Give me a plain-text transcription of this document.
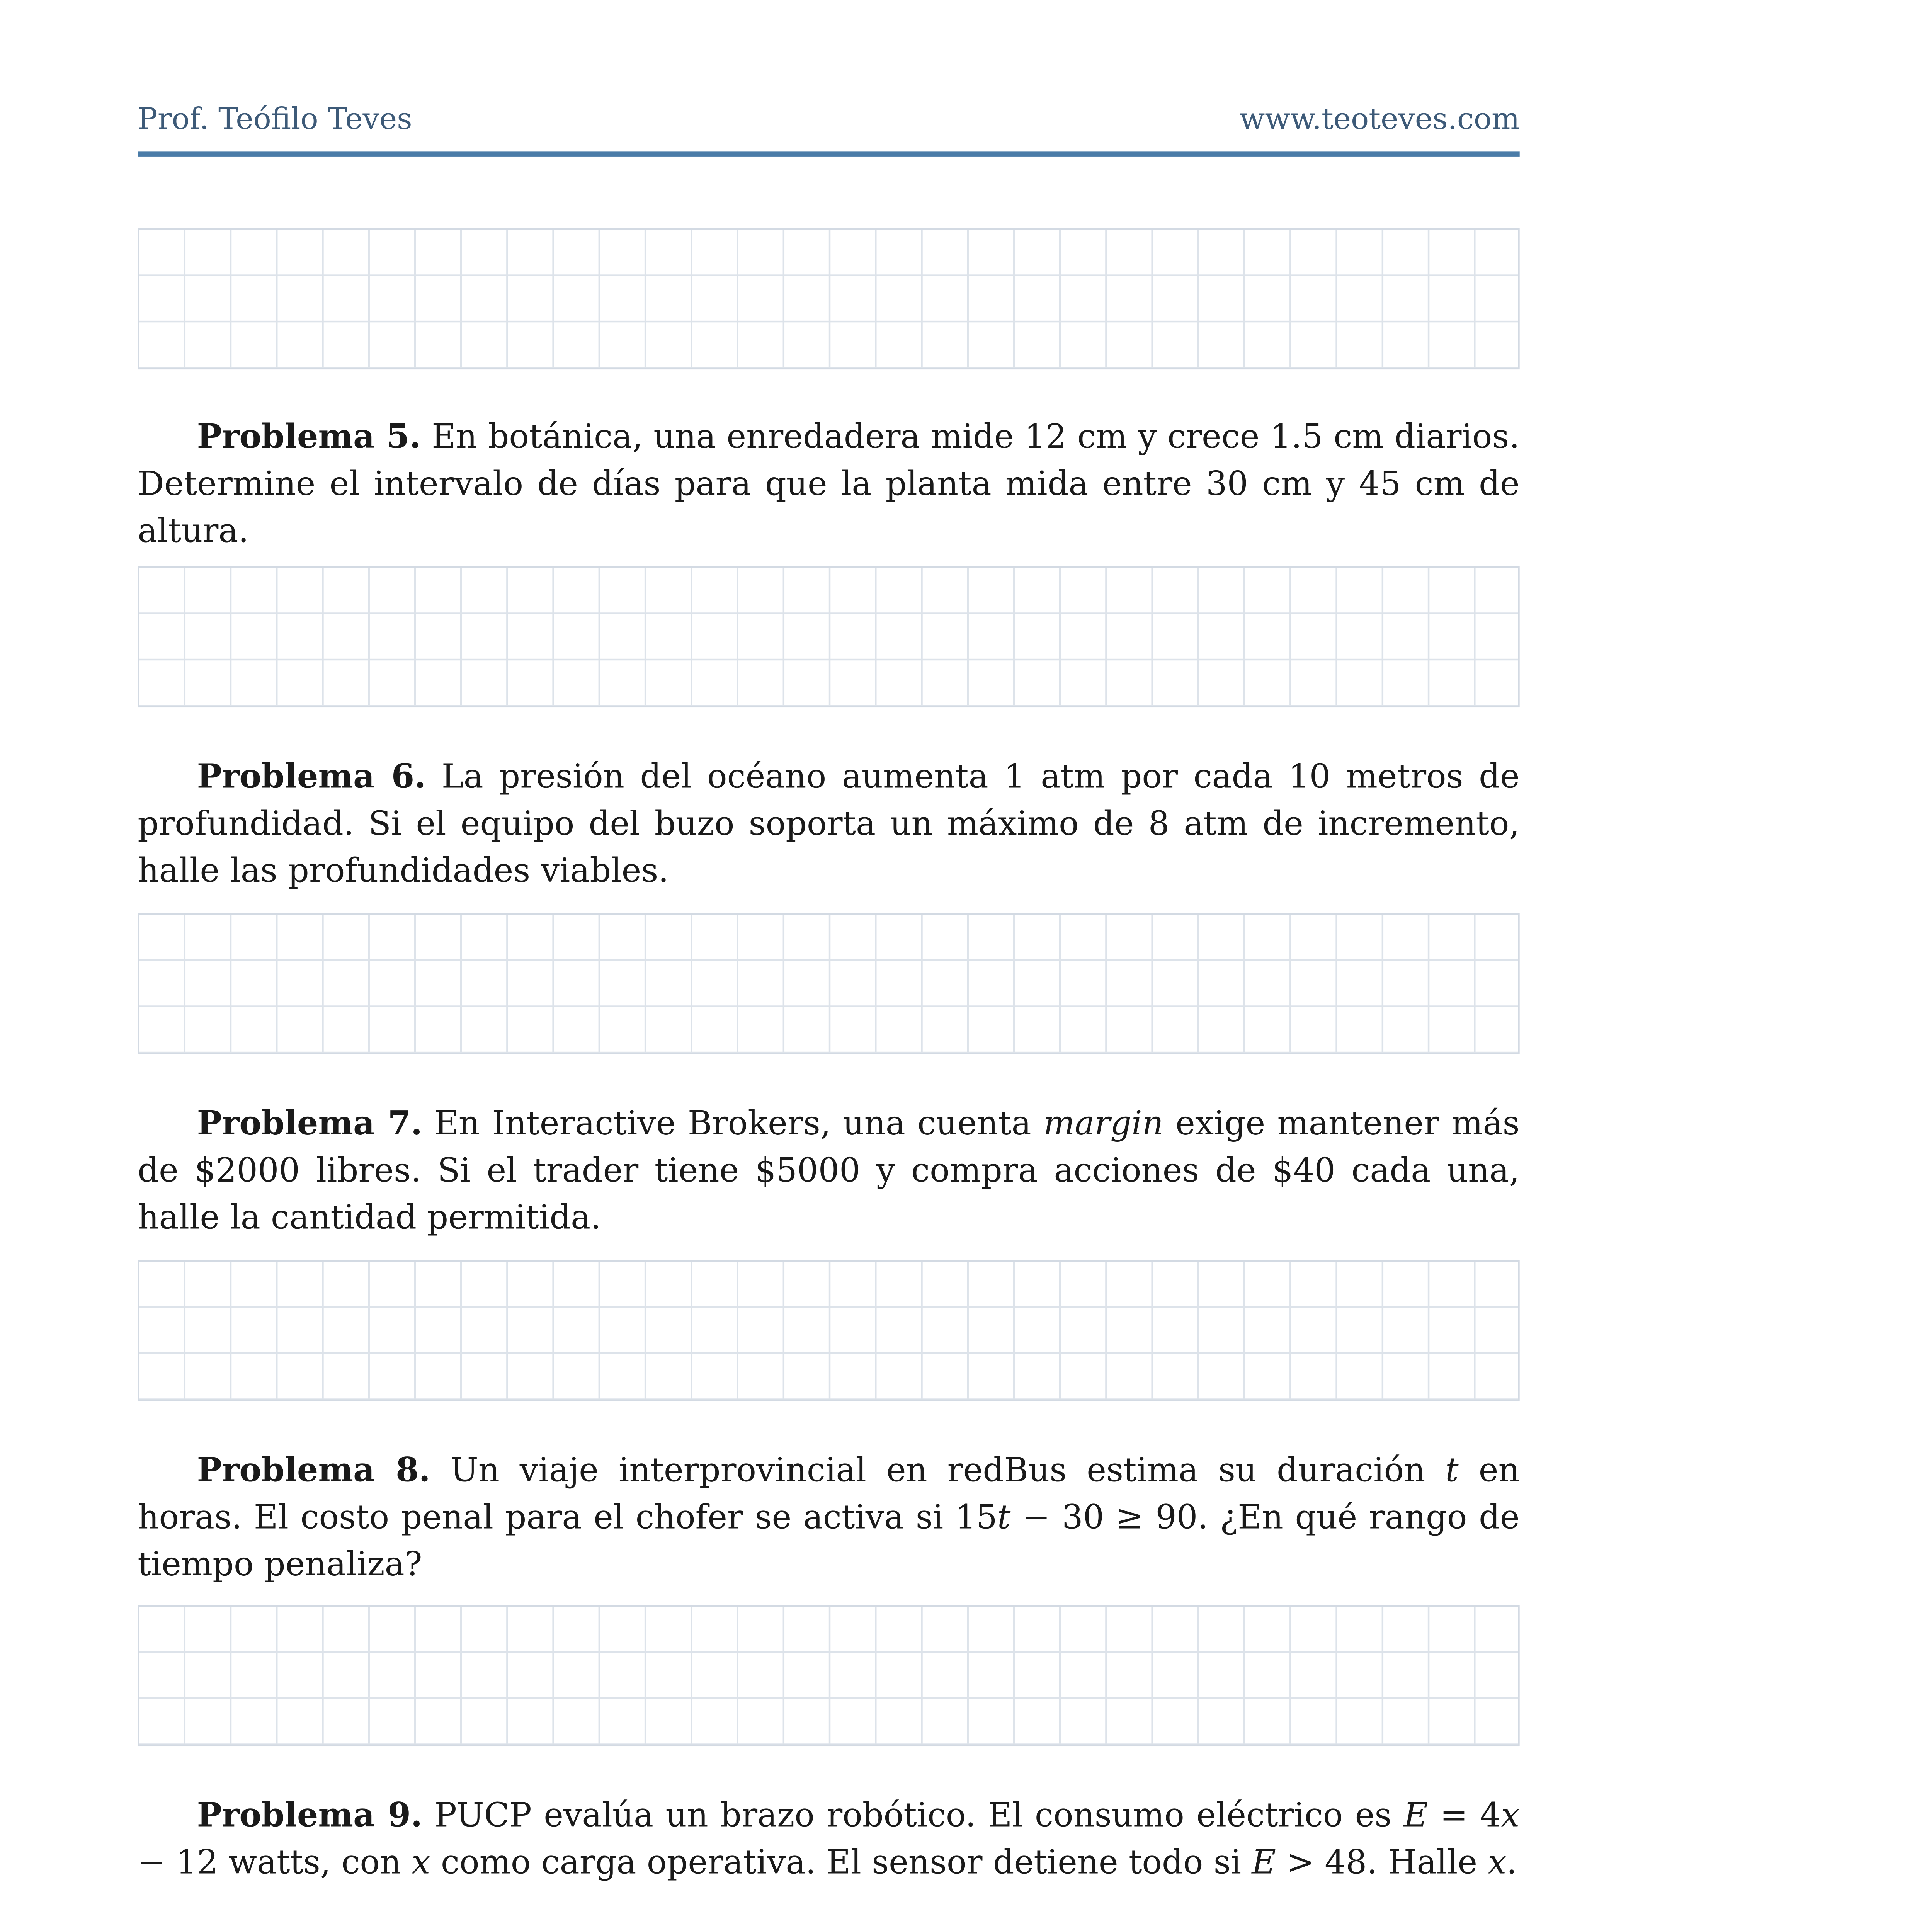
Prof. Teófilo Teves	www.teoteves.com
Problema 5. En botánica, una enredadera mide 12 cm y crece 1.5 cm diarios. Determine el intervalo de días para que la planta mida entre 30 cm y 45 cm de altura.
Problema 6. La presión del océano aumenta 1 atm por cada 10 metros de profundidad. Si el equipo del buzo soporta un máximo de 8 atm de incremento, halle las profundidades viables.
Problema 7. En Interactive Brokers, una cuenta margin exige mantener más de $2000 libres. Si el trader tiene $5000 y compra acciones de $40 cada una, halle la cantidad permitida.
Problema 8. Un viaje interprovincial en redBus estima su duración t en horas. El costo penal para el chofer se activa si 15t − 30 ≥ 90. ¿En qué rango de tiempo penaliza?
Problema 9. PUCP evalúa un brazo robótico. El consumo eléctrico es E = 4x − 12 watts, con x como carga operativa. El sensor detiene todo si E > 48. Halle x.
